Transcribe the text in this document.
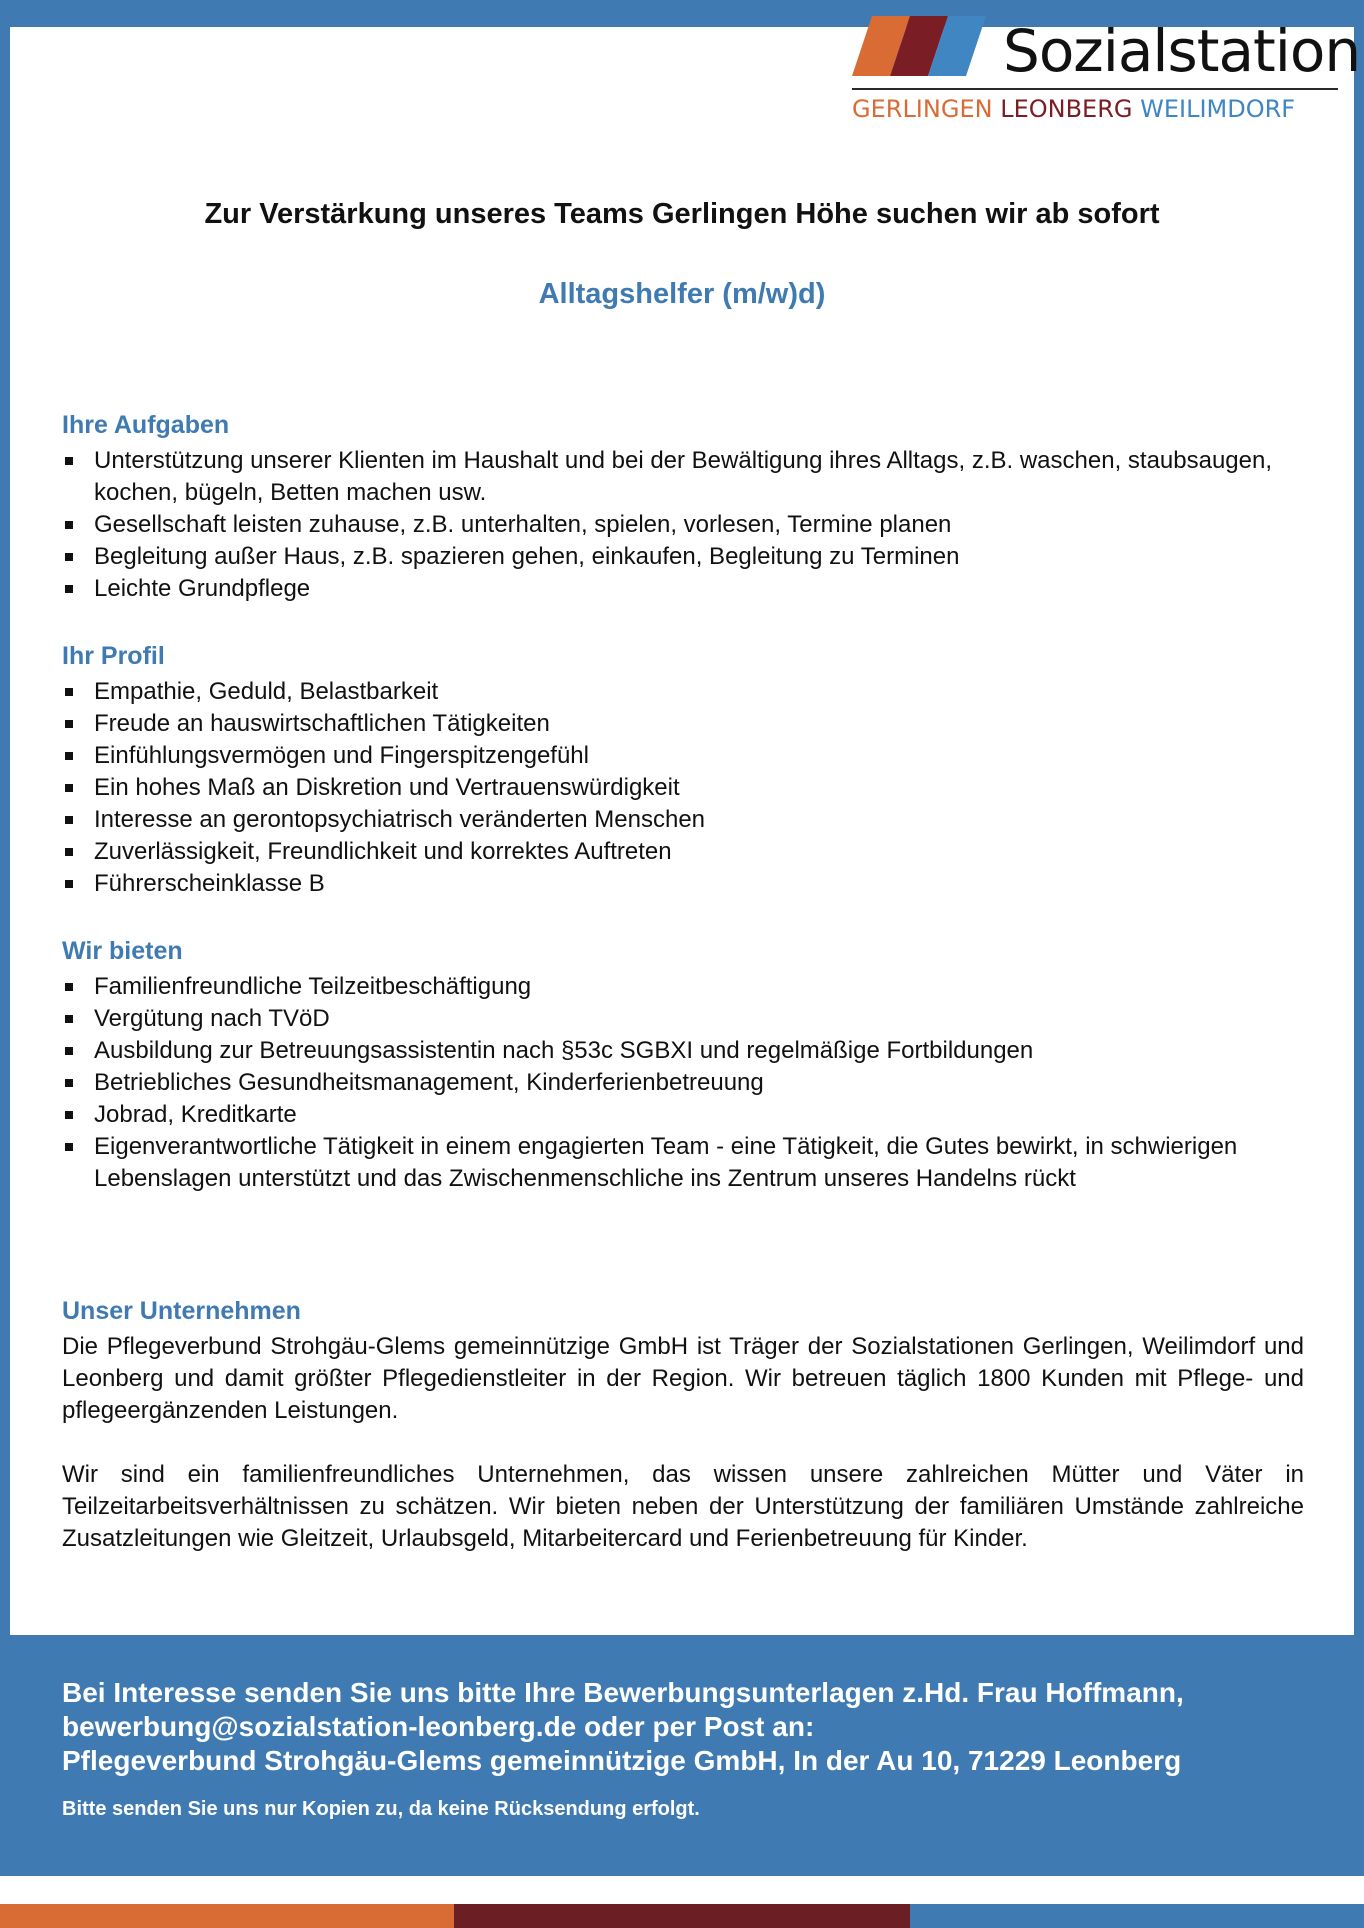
Sozialstation
GERLINGEN LEONBERG WEILIMDORF
Zur Verstärkung unseres Teams Gerlingen Höhe suchen wir ab sofort
Alltagshelfer (m/w)d)
Ihre Aufgaben
Unterstützung unserer Klienten im Haushalt und bei der Bewältigung ihres Alltags, z.B. waschen, staubsaugen, kochen, bügeln, Betten machen usw.
Gesellschaft leisten zuhause, z.B. unterhalten, spielen, vorlesen, Termine planen
Begleitung außer Haus, z.B. spazieren gehen, einkaufen, Begleitung zu Terminen
Leichte Grundpflege
Ihr Profil
Empathie, Geduld, Belastbarkeit
Freude an hauswirtschaftlichen Tätigkeiten
Einfühlungsvermögen und Fingerspitzengefühl
Ein hohes Maß an Diskretion und Vertrauenswürdigkeit
Interesse an gerontopsychiatrisch veränderten Menschen
Zuverlässigkeit, Freundlichkeit und korrektes Auftreten
Führerscheinklasse B
Wir bieten
Familienfreundliche Teilzeitbeschäftigung
Vergütung nach TVöD
Ausbildung zur Betreuungsassistentin nach §53c SGBXI und regelmäßige Fortbildungen
Betriebliches Gesundheitsmanagement, Kinderferienbetreuung
Jobrad, Kreditkarte
Eigenverantwortliche Tätigkeit in einem engagierten Team - eine Tätigkeit, die Gutes bewirkt, in schwierigen Lebenslagen unterstützt und das Zwischenmenschliche ins Zentrum unseres Handelns rückt
Unser Unternehmen

Die Pflegeverbund Strohgäu-Glems gemeinnützige GmbH ist Träger der Sozialstationen Gerlingen, Weilimdorf und Leonberg und damit größter Pflegedienstleiter in der Region. Wir betreuen täglich 1800 Kunden mit Pflege- und pflegeergänzenden Leistungen.

Wir sind ein familienfreundliches Unternehmen, das wissen unsere zahlreichen Mütter und Väter in Teilzeitarbeitsverhältnissen zu schätzen. Wir bieten neben der Unterstützung der familiären Umstände zahlreiche Zusatzleitungen wie Gleitzeit, Urlaubsgeld, Mitarbeitercard und Ferienbetreuung für Kinder.

Bei Interesse senden Sie uns bitte Ihre Bewerbungsunterlagen z.Hd. Frau Hoffmann,
bewerbung@sozialstation-leonberg.de oder per Post an:
Pflegeverbund Strohgäu-Glems gemeinnützige GmbH, In der Au 10, 71229 Leonberg
Bitte senden Sie uns nur Kopien zu, da keine Rücksendung erfolgt.
